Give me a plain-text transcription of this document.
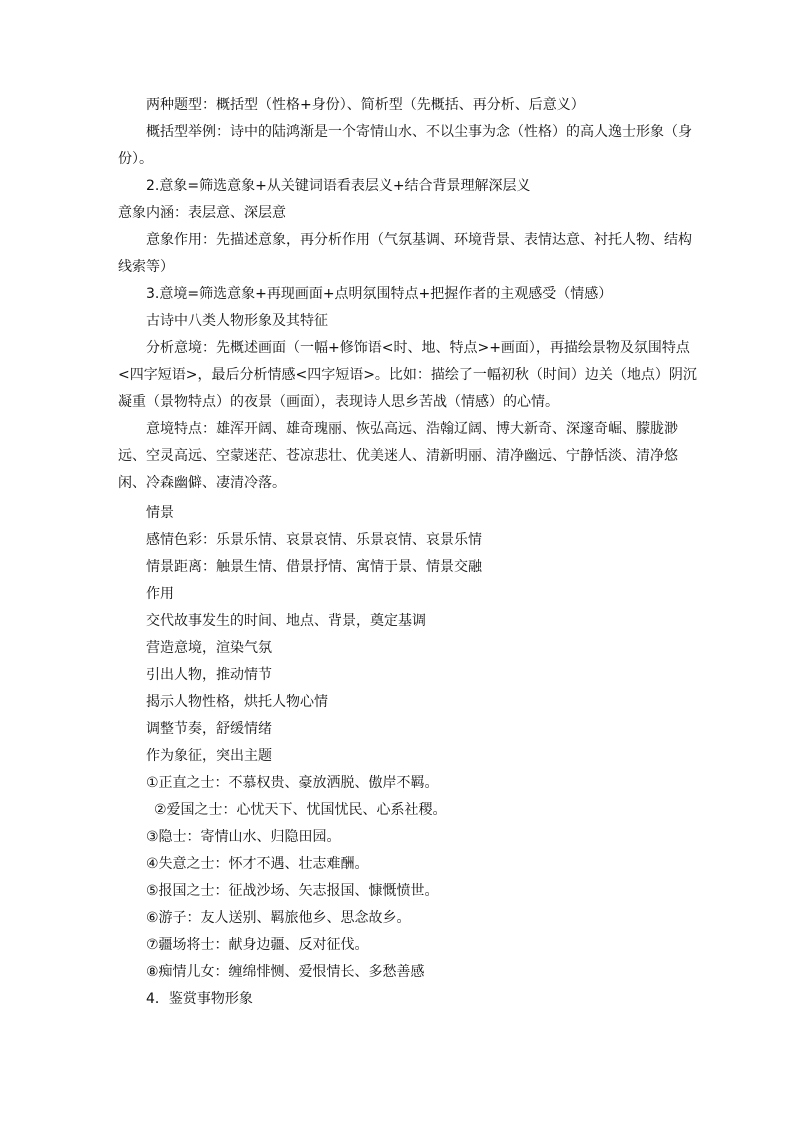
两种题型：概括型（性格+身份）、简析型（先概括、再分析、后意义）

概括型举例：诗中的陆鸿渐是一个寄情山水、不以尘事为念（性格）的高人逸士形象（身份）。

2.意象=筛选意象+从关键词语看表层义+结合背景理解深层义

意象内涵：表层意、深层意

意象作用：先描述意象，再分析作用（气氛基调、环境背景、表情达意、衬托人物、结构线索等）

3.意境=筛选意象+再现画面+点明氛围特点+把握作者的主观感受（情感）

古诗中八类人物形象及其特征

分析意境：先概述画面（一幅+修饰语<时、地、特点>+画面），再描绘景物及氛围特点<四字短语>，最后分析情感<四字短语>。比如：描绘了一幅初秋（时间）边关（地点）阴沉凝重（景物特点）的夜景（画面），表现诗人思乡苦战（情感）的心情。

意境特点：雄浑开阔、雄奇瑰丽、恢弘高远、浩翰辽阔、博大新奇、深邃奇崛、朦胧渺远、空灵高远、空蒙迷茫、苍凉悲壮、优美迷人、清新明丽、清净幽远、宁静恬淡、清净悠闲、冷森幽僻、凄清冷落。

情景
感情色彩：乐景乐情、哀景哀情、乐景哀情、哀景乐情
情景距离：触景生情、借景抒情、寓情于景、情景交融
作用
交代故事发生的时间、地点、背景，奠定基调
营造意境，渲染气氛
引出人物，推动情节
揭示人物性格，烘托人物心情
调整节奏，舒缓情绪
作为象征，突出主题
①正直之士：不慕权贵、豪放洒脱、傲岸不羁。
②爱国之士：心忧天下、忧国忧民、心系社稷。
③隐士：寄情山水、归隐田园。
④失意之士：怀才不遇、壮志难酬。
⑤报国之士：征战沙场、矢志报国、慷慨愤世。
⑥游子：友人送别、羁旅他乡、思念故乡。
⑦疆场将士：献身边疆、反对征伐。
⑧痴情儿女：缠绵悱恻、爱恨情长、多愁善感
4．鉴赏事物形象
